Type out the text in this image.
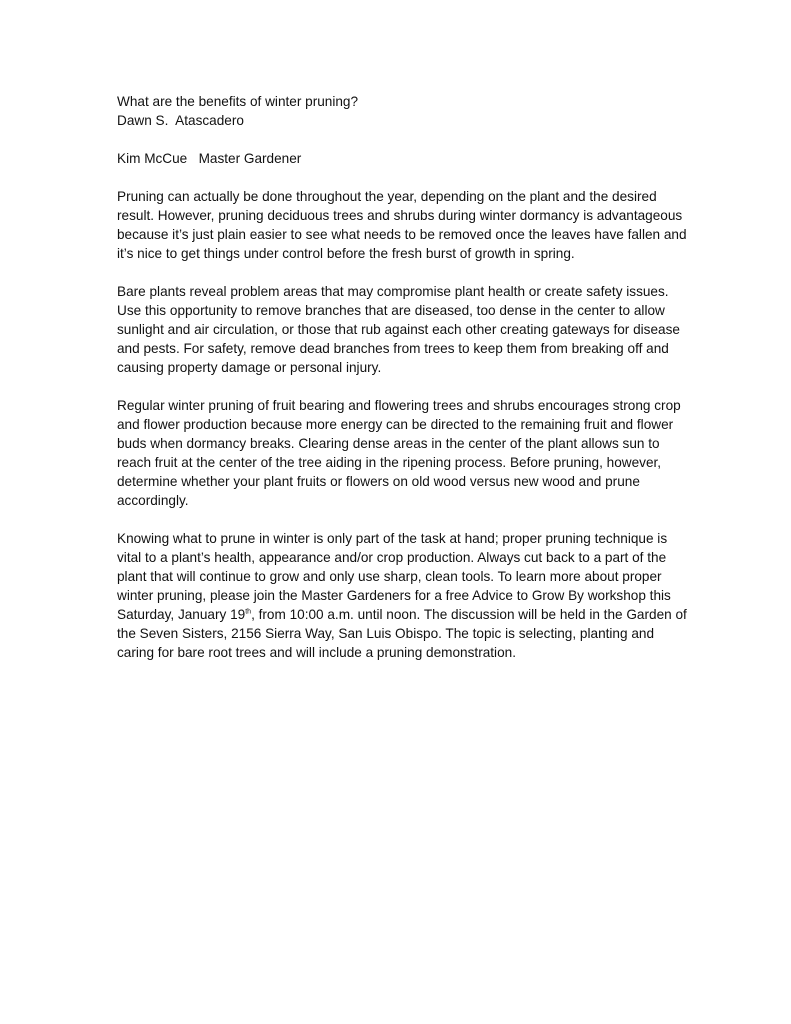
What are the benefits of winter pruning?
Dawn S.  Atascadero
Kim McCue   Master Gardener

Pruning can actually be done throughout the year, depending on the plant and the desired result. However, pruning deciduous trees and shrubs during winter dormancy is advantageous because it’s just plain easier to see what needs to be removed once the leaves have fallen and it’s nice to get things under control before the fresh burst of growth in spring.

Bare plants reveal problem areas that may compromise plant health or create safety issues. Use this opportunity to remove branches that are diseased, too dense in the center to allow sunlight and air circulation, or those that rub against each other creating gateways for disease and pests. For safety, remove dead branches from trees to keep them from breaking off and causing property damage or personal injury.

Regular winter pruning of fruit bearing and flowering trees and shrubs encourages strong crop and flower production because more energy can be directed to the remaining fruit and flower buds when dormancy breaks. Clearing dense areas in the center of the plant allows sun to reach fruit at the center of the tree aiding in the ripening process. Before pruning, however, determine whether your plant fruits or flowers on old wood versus new wood and prune accordingly.

Knowing what to prune in winter is only part of the task at hand; proper pruning technique is vital to a plant’s health, appearance and/or crop production. Always cut back to a part of the plant that will continue to grow and only use sharp, clean tools. To learn more about proper winter pruning, please join the Master Gardeners for a free Advice to Grow By workshop this Saturday, January 19th, from 10:00 a.m. until noon. The discussion will be held in the Garden of the Seven Sisters, 2156 Sierra Way, San Luis Obispo. The topic is selecting, planting and caring for bare root trees and will include a pruning demonstration.
